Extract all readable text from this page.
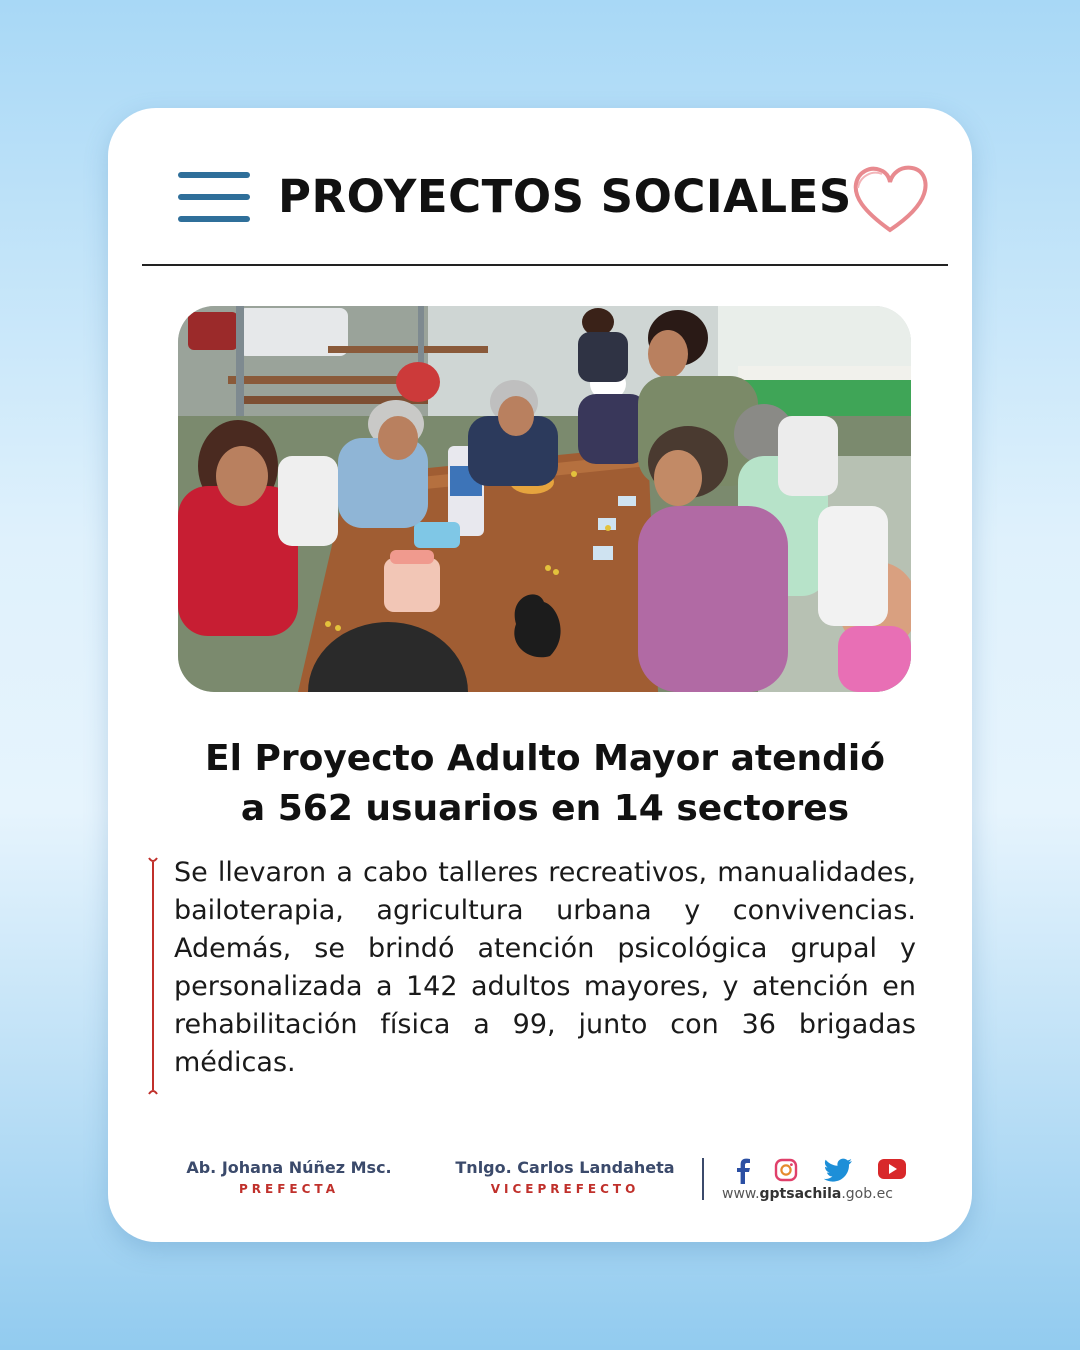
PROYECTOS SOCIALES
El Proyecto Adulto Mayor atendió
a 562 usuarios en 14 sectores
Se llevaron a cabo talleres recreativos, manualidades, bailoterapia, agricultura urbana y convivencias. Además, se brindó atención psicológica grupal y personalizada a 142 adultos mayores, y atención en rehabilitación física a 99, junto con 36 brigadas médicas.
Ab. Johana Núñez Msc.
PREFECTA
Tnlgo. Carlos Landaheta
VICEPREFECTO	www.gptsachila.gob.ec
